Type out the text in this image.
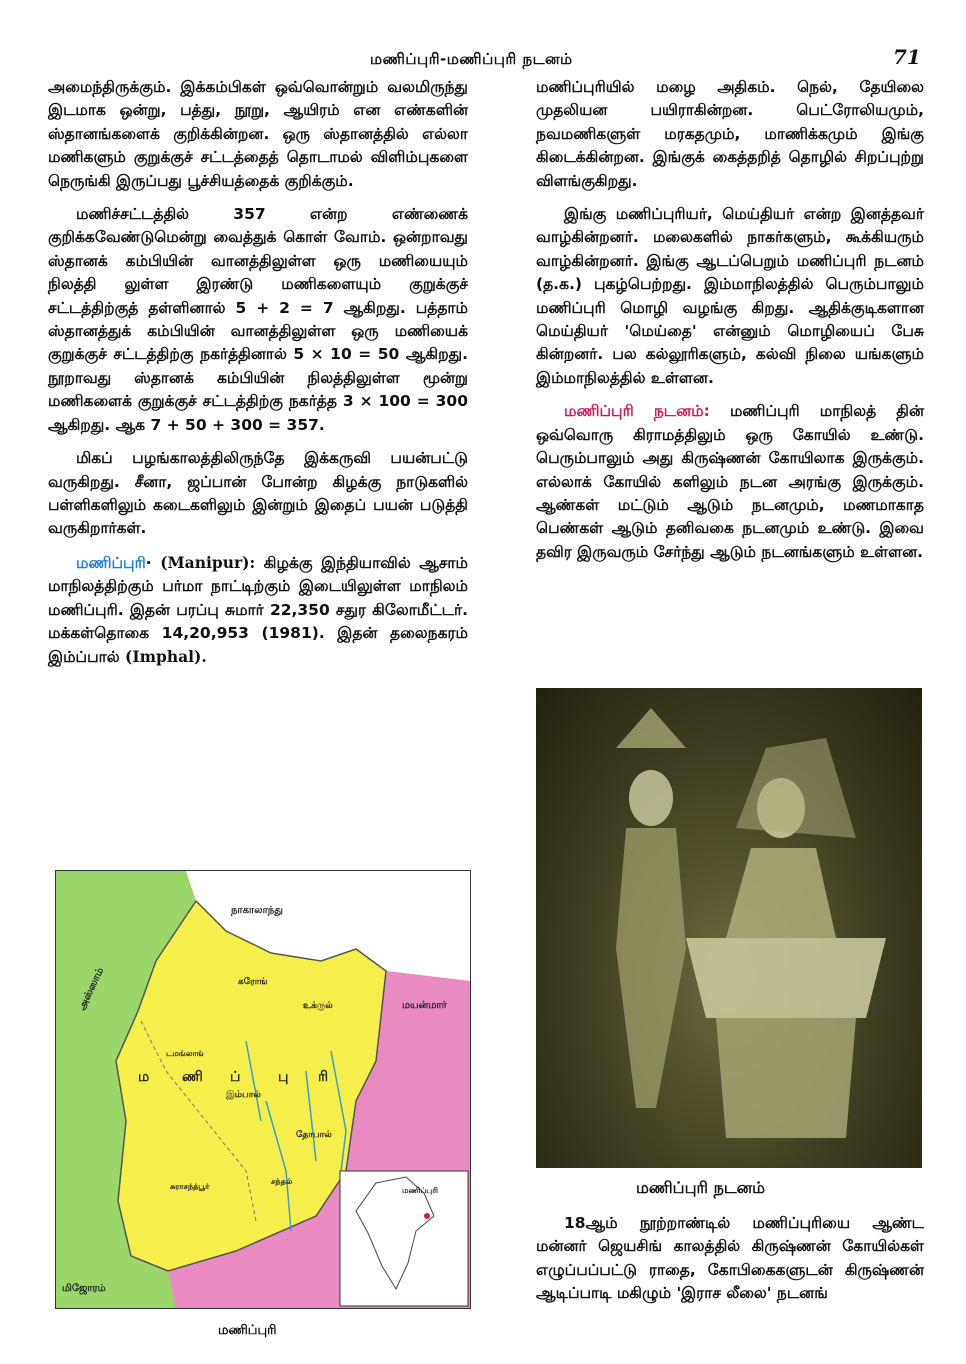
மணிப்புரி-மணிப்புரி நடனம்	71

அமைந்திருக்கும். இக்கம்பிகள் ஒவ்வொன்றும் வலமிருந்து இடமாக ஒன்று, பத்து, நூறு, ஆயிரம் என எண்களின் ஸ்தானங்களைக் குறிக்கின்றன. ஒரு ஸ்தானத்தில் எல்லா மணிகளும் குறுக்குச் சட்டத்தைத் தொடாமல் விளிம்புகளை நெருங்கி இருப்பது பூச்சியத்தைக் குறிக்கும்.

மணிச்சட்டத்தில் 357 என்ற எண்ணைக் குறிக்கவேண்டுமென்று வைத்துக் கொள் வோம். ஒன்றாவது ஸ்தானக் கம்பியின் வானத்திலுள்ள ஒரு மணியையும் நிலத்தி லுள்ள இரண்டு மணிகளையும் குறுக்குச் சட்டத்திற்குத் தள்ளினால் 5 + 2 = 7 ஆகிறது. பத்தாம் ஸ்தானத்துக் கம்பியின் வானத்திலுள்ள ஒரு மணியைக் குறுக்குச் சட்டத்திற்கு நகர்த்தினால் 5 × 10 = 50 ஆகிறது. நூறாவது ஸ்தானக் கம்பியின் நிலத்திலுள்ள மூன்று மணிகளைக் குறுக்குச் சட்டத்திற்கு நகர்த்த 3 × 100 = 300 ஆகிறது. ஆக 7 + 50 + 300 = 357.

மிகப் பழங்காலத்திலிருந்தே இக்கருவி பயன்பட்டு வருகிறது. சீனா, ஜப்பான் போன்ற கிழக்கு நாடுகளில் பள்ளிகளிலும் கடைகளிலும் இன்றும் இதைப் பயன் படுத்தி வருகிறார்கள்.

மணிப்புரி· (Manipur): கிழக்கு இந்தியாவில் ஆசாம் மாநிலத்திற்கும் பர்மா நாட்டிற்கும் இடையிலுள்ள மாநிலம் மணிப்புரி. இதன் பரப்பு சுமார் 22,350 சதுர கிலோமீட்டர். மக்கள்தொகை 14,20,953 (1981). இதன் தலைநகரம் இம்ப்பால் (Imphal).

நாகாலாந்து
அஸ்ஸாம்	மயன்மார்
மிஜோரம்
கரோங்
உக்ருல்
டமங்லாங்
இம்பால்
தோபால்
சுராசந்த்பூர்
சந்தல்
ம ணி ப்	பு ரி
மணிப்புரி
மணிப்புரி

மணிப்புரியில் மழை அதிகம். நெல், தேயிலை முதலியன பயிராகின்றன. பெட்ரோலியமும், நவமணிகளுள் மரகதமும், மாணிக்கமும் இங்கு கிடைக்கின்றன. இங்குக் கைத்தறித் தொழில் சிறப்புற்று விளங்குகிறது.

இங்கு மணிப்புரியர், மெய்தியர் என்ற இனத்தவர் வாழ்கின்றனர். மலைகளில் நாகர்களும், கூக்கியரும் வாழ்கின்றனர். இங்கு ஆடப்பெறும் மணிப்புரி நடனம் (த.க.) புகழ்பெற்றது. இம்மாநிலத்தில் பெரும்பாலும் மணிப்புரி மொழி வழங்கு கிறது. ஆதிக்குடிகளான மெய்தியர் 'மெய்தை' என்னும் மொழியைப் பேசு கின்றனர். பல கல்லூரிகளும், கல்வி நிலை யங்களும் இம்மாநிலத்தில் உள்ளன.

மணிப்புரி நடனம்: மணிப்புரி மாநிலத் தின் ஒவ்வொரு கிராமத்திலும் ஒரு கோயில் உண்டு. பெரும்பாலும் அது கிருஷ்ணன் கோயிலாக இருக்கும். எல்லாக் கோயில் களிலும் நடன அரங்கு இருக்கும். ஆண்கள் மட்டும் ஆடும் நடனமும், மணமாகாத பெண்கள் ஆடும் தனிவகை நடனமும் உண்டு. இவை தவிர இருவரும் சேர்ந்து ஆடும் நடனங்களும் உள்ளன.

மணிப்புரி நடனம்

18ஆம் நூற்றாண்டில் மணிப்புரியை ஆண்ட மன்னர் ஜெயசிங் காலத்தில் கிருஷ்ணன் கோயில்கள் எழுப்பப்பட்டு ராதை, கோபிகைகளுடன் கிருஷ்ணன் ஆடிப்பாடி மகிழும் 'இராச லீலை' நடனங்
